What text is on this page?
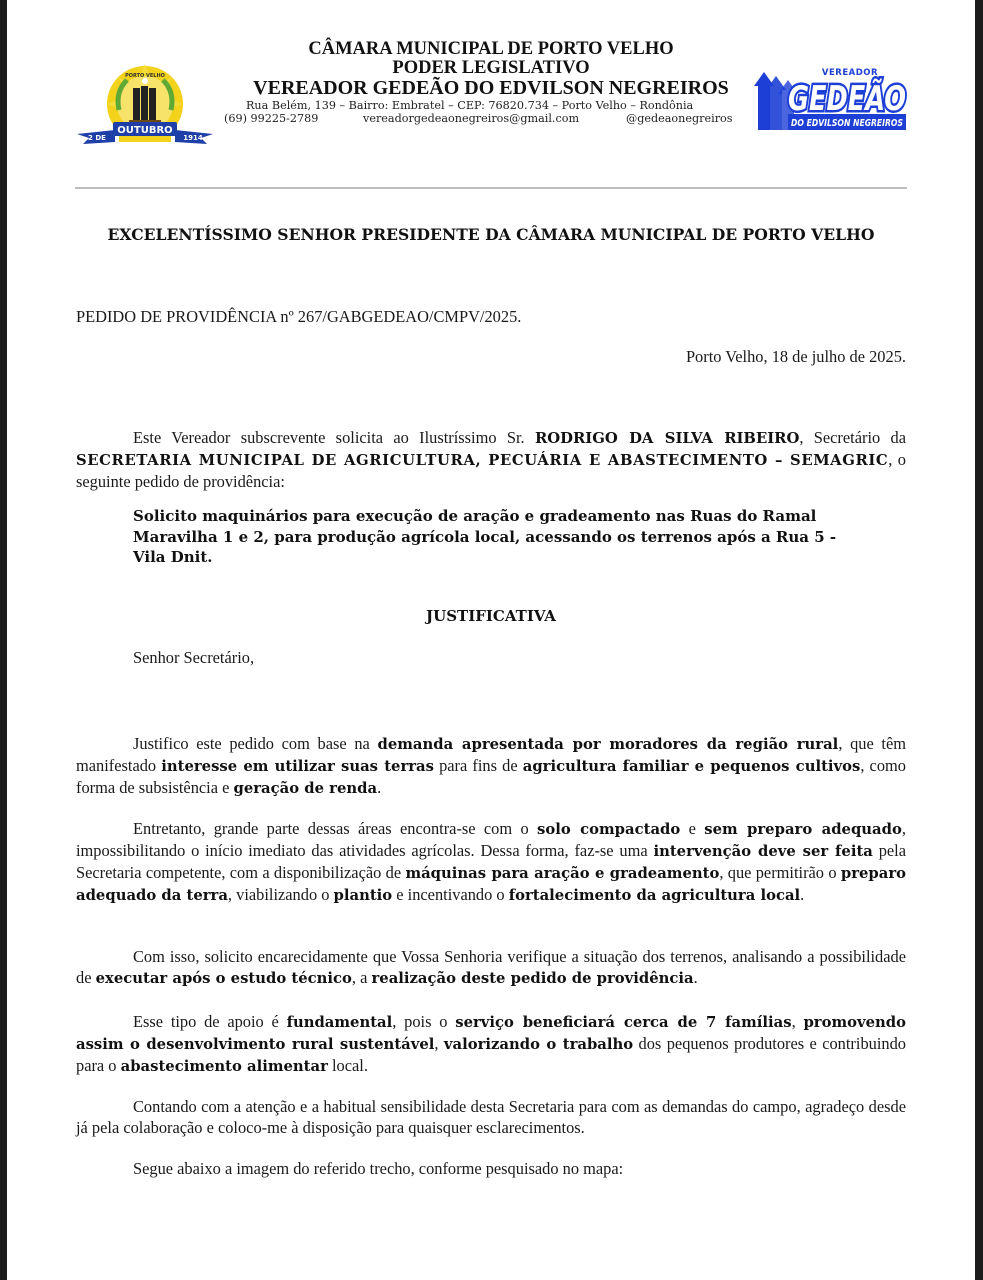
PORTO VELHO
OUTUBRO
2 DE	1914
CÂMARA MUNICIPAL DE PORTO VELHO
PODER LEGISLATIVO
VEREADOR GEDEÃO DO EDVILSON NEGREIROS
Rua Belém, 139 – Bairro: Embratel – CEP: 76820.734 – Porto Velho – Rondônia
(69) 99225-2789	vereadorgedeaonegreiros@gmail.com	@gedeaonegreiros
VEREADOR
GEDEÃO
DO EDVILSON NEGREIROS
EXCELENTÍSSIMO SENHOR PRESIDENTE DA CÂMARA MUNICIPAL DE PORTO VELHO
PEDIDO DE PROVIDÊNCIA nº 267/GABGEDEAO/CMPV/2025.
Porto Velho, 18 de julho de 2025.
Este Vereador subscrevente solicita ao Ilustríssimo Sr. RODRIGO DA SILVA RIBEIRO, Secretário da SECRETARIA MUNICIPAL DE AGRICULTURA, PECUÁRIA E ABASTECIMENTO – SEMAGRIC, o seguinte pedido de providência:
Solicito maquinários para execução de aração e gradeamento nas Ruas do Ramal Maravilha 1 e 2, para produção agrícola local, acessando os terrenos após a Rua 5 - Vila Dnit.
JUSTIFICATIVA
Senhor Secretário,
Justifico este pedido com base na demanda apresentada por moradores da região rural, que têm manifestado interesse em utilizar suas terras para fins de agricultura familiar e pequenos cultivos, como forma de subsistência e geração de renda.
Entretanto, grande parte dessas áreas encontra-se com o solo compactado e sem preparo adequado, impossibilitando o início imediato das atividades agrícolas. Dessa forma, faz-se uma intervenção deve ser feita pela Secretaria competente, com a disponibilização de máquinas para aração e gradeamento, que permitirão o preparo adequado da terra, viabilizando o plantio e incentivando o fortalecimento da agricultura local.
Com isso, solicito encarecidamente que Vossa Senhoria verifique a situação dos terrenos, analisando a possibilidade de executar após o estudo técnico, a realização deste pedido de providência.
Esse tipo de apoio é fundamental, pois o serviço beneficiará cerca de 7 famílias, promovendo assim o desenvolvimento rural sustentável, valorizando o trabalho dos pequenos produtores e contribuindo para o abastecimento alimentar local.
Contando com a atenção e a habitual sensibilidade desta Secretaria para com as demandas do campo, agradeço desde já pela colaboração e coloco-me à disposição para quaisquer esclarecimentos.
Segue abaixo a imagem do referido trecho, conforme pesquisado no mapa:
